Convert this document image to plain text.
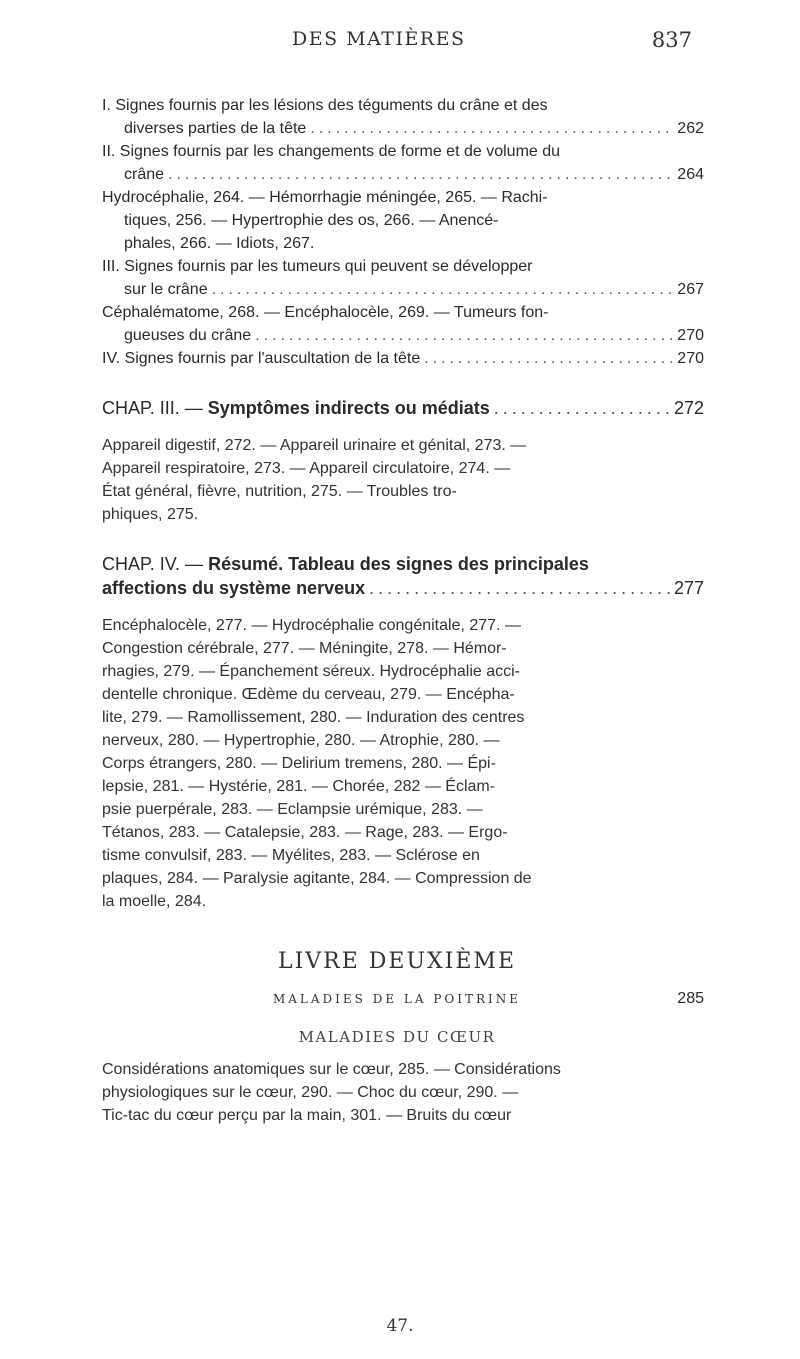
DES MATIÈRES	837

I. Signes fournis par les lésions des téguments du crâne et des

diverses parties de la tête .....	262

II. Signes fournis par les changements de forme et de volume du

crâne .....	264

Hydrocéphalie, 264. — Hémorrhagie méningée, 265. — Rachi-

tiques, 256. — Hypertrophie des os, 266. — Anencé-

phales, 266. — Idiots, 267.

III. Signes fournis par les tumeurs qui peuvent se développer

sur le crâne .....	267

Céphalématome, 268. — Encéphalocèle, 269. — Tumeurs fon-

gueuses du crâne .....	270
IV. Signes fournis par l'auscultation de la tête .....	270
CHAP. III. — Symptômes indirects ou médiats .....	272

Appareil digestif, 272. — Appareil urinaire et génital, 273. —

Appareil respiratoire, 273. — Appareil circulatoire, 274. —

État général, fièvre, nutrition, 275. — Troubles tro-

phiques, 275.

CHAP. IV. — Résumé. Tableau des signes des principales

affections du système nerveux .....	277

Encéphalocèle, 277. — Hydrocéphalie congénitale, 277. —

Congestion cérébrale, 277. — Méningite, 278. — Hémor-

rhagies, 279. — Épanchement séreux. Hydrocéphalie acci-

dentelle chronique. Œdème du cerveau, 279. — Encépha-

lite, 279. — Ramollissement, 280. — Induration des centres

nerveux, 280. — Hypertrophie, 280. — Atrophie, 280. —

Corps étrangers, 280. — Delirium tremens, 280. — Épi-

lepsie, 281. — Hystérie, 281. — Chorée, 282 — Éclam-

psie puerpérale, 283. — Eclampsie urémique, 283. —

Tétanos, 283. — Catalepsie, 283. — Rage, 283. — Ergo-

tisme convulsif, 283. — Myélites, 283. — Sclérose en

plaques, 284. — Paralysie agitante, 284. — Compression de

la moelle, 284.

LIVRE DEUXIÈME

MALADIES DE LA POITRINE	285

MALADIES DU CŒUR

Considérations anatomiques sur le cœur, 285. — Considérations

physiologiques sur le cœur, 290. — Choc du cœur, 290. —

Tic-tac du cœur perçu par la main, 301. — Bruits du cœur

47.
